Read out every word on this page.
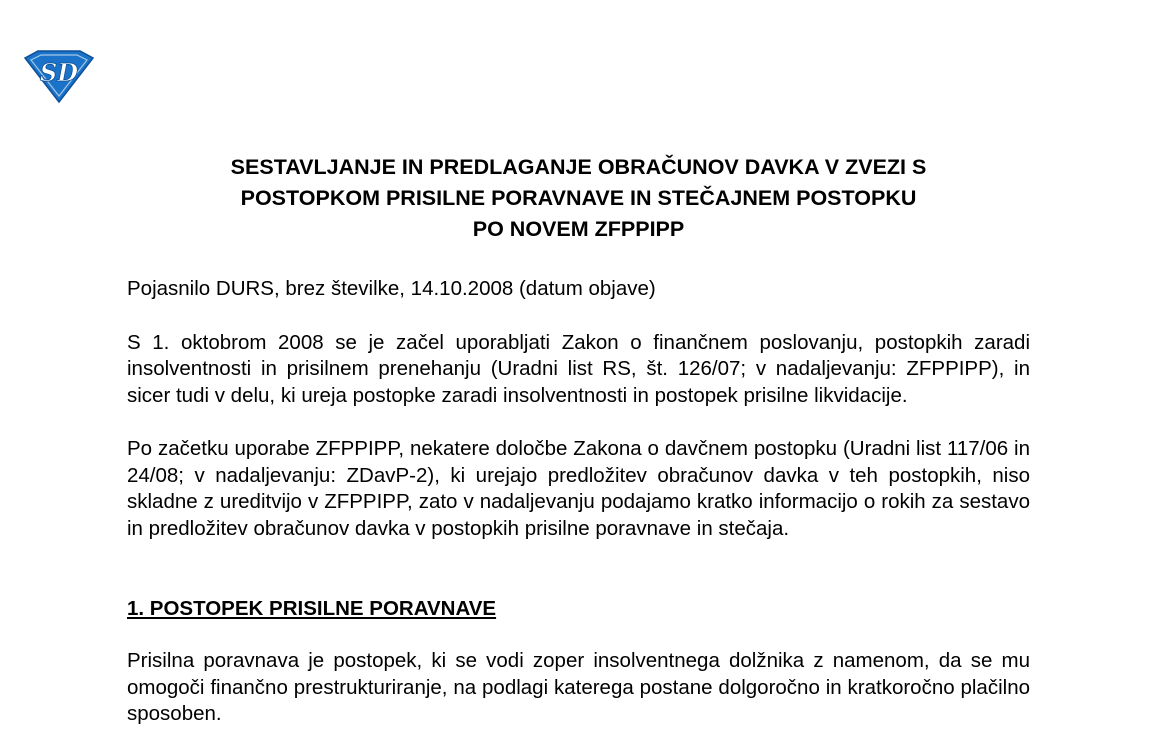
SD
SESTAVLJANJE IN PREDLAGANJE OBRAČUNOV DAVKA V ZVEZI S
POSTOPKOM PRISILNE PORAVNAVE IN STEČAJNEM POSTOPKU
PO NOVEM ZFPPIPP

Pojasnilo DURS, brez številke, 14.10.2008 (datum objave)

S 1. oktobrom 2008 se je začel uporabljati Zakon o finančnem poslovanju, postopkih zaradi insolventnosti in prisilnem prenehanju (Uradni list RS, št. 126/07; v nadaljevanju: ZFPPIPP), in sicer tudi v delu, ki ureja postopke zaradi insolventnosti in postopek prisilne likvidacije.

Po začetku uporabe ZFPPIPP, nekatere določbe Zakona o davčnem postopku (Uradni list 117/06 in 24/08; v nadaljevanju: ZDavP-2), ki urejajo predložitev obračunov davka v teh postopkih, niso skladne z ureditvijo v ZFPPIPP, zato v nadaljevanju podajamo kratko informacijo o rokih za sestavo in predložitev obračunov davka v postopkih prisilne poravnave in stečaja.

1. POSTOPEK PRISILNE PORAVNAVE

Prisilna poravnava je postopek, ki se vodi zoper insolventnega dolžnika z namenom, da se mu omogoči finančno prestrukturiranje, na podlagi katerega postane dolgoročno in kratkoročno plačilno sposoben.
